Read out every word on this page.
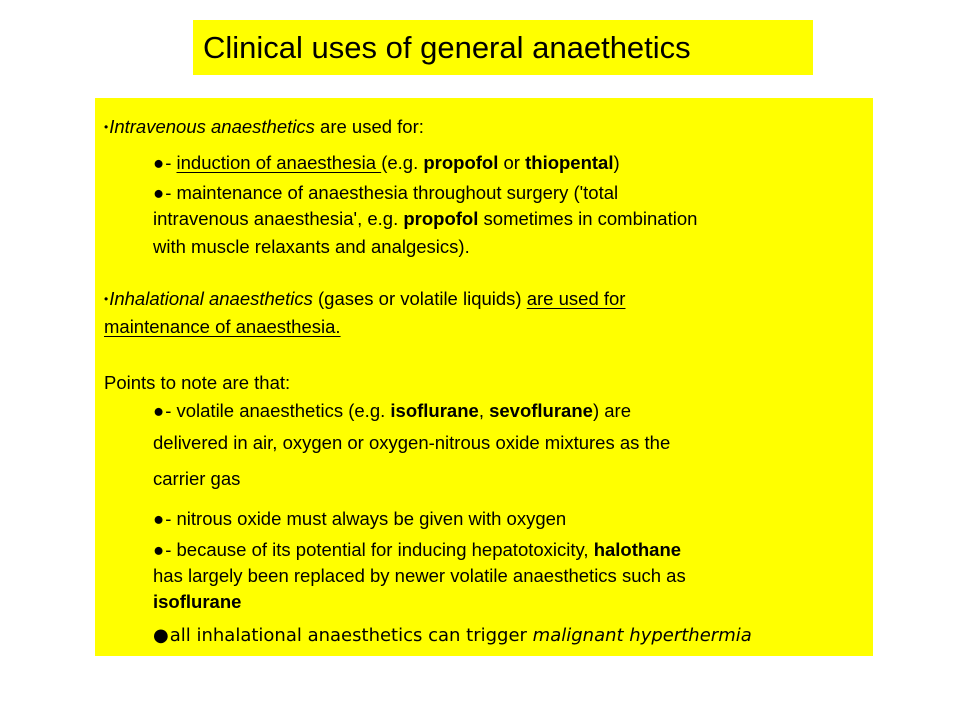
Clinical uses of general anaethetics
•Intravenous anaesthetics are used for:
●- induction of anaesthesia (e.g. propofol or thiopental)
●- maintenance of anaesthesia throughout surgery ('total
intravenous anaesthesia', e.g. propofol sometimes in combination
with muscle relaxants and analgesics).
•Inhalational anaesthetics (gases or volatile liquids) are used for
maintenance of anaesthesia.
Points to note are that:
●- volatile anaesthetics (e.g. isoflurane, sevoflurane) are
delivered in air, oxygen or oxygen-nitrous oxide mixtures as the
carrier gas
●- nitrous oxide must always be given with oxygen
●- because of its potential for inducing hepatotoxicity, halothane
has largely been replaced by newer volatile anaesthetics such as
isoflurane
●all inhalational anaesthetics can trigger malignant hyperthermia
